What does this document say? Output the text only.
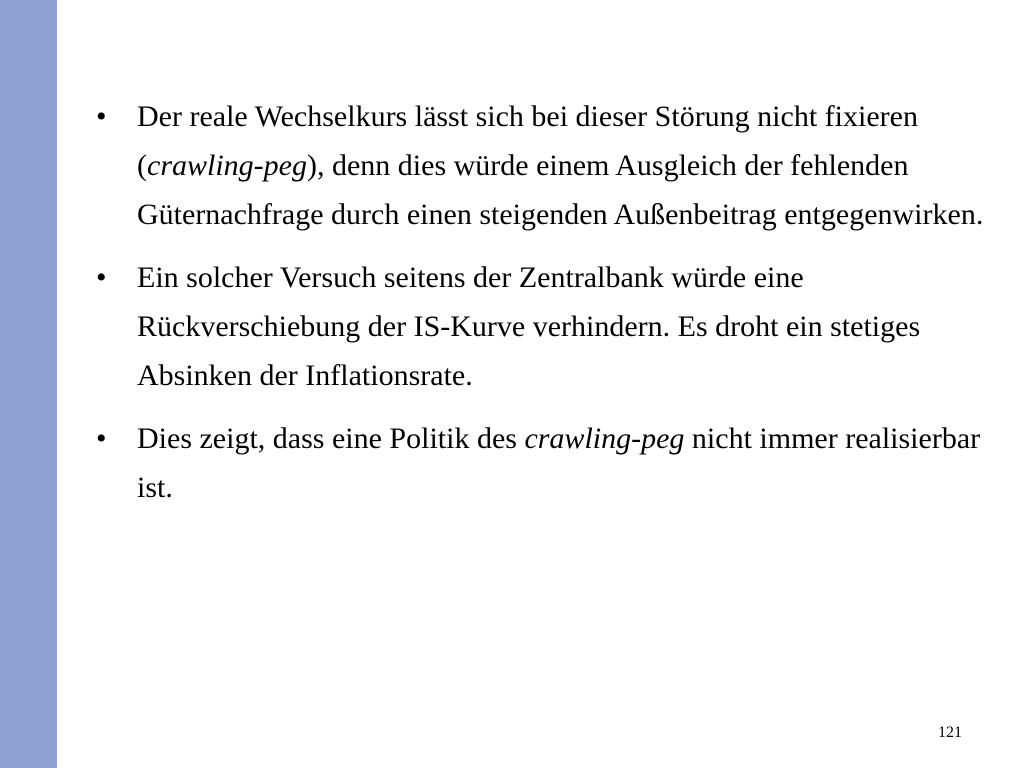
•	Der reale Wechselkurs lässt sich bei dieser Störung nicht fixieren (crawling-peg), denn dies würde einem Ausgleich der fehlenden Güternachfrage durch einen steigenden Außenbeitrag entgegenwirken.
•	Ein solcher Versuch seitens der Zentralbank würde eine Rückverschiebung der IS-Kurve verhindern. Es droht ein stetiges Absinken der Inflationsrate.
•	Dies zeigt, dass eine Politik des crawling-peg nicht immer realisierbar ist.
121
